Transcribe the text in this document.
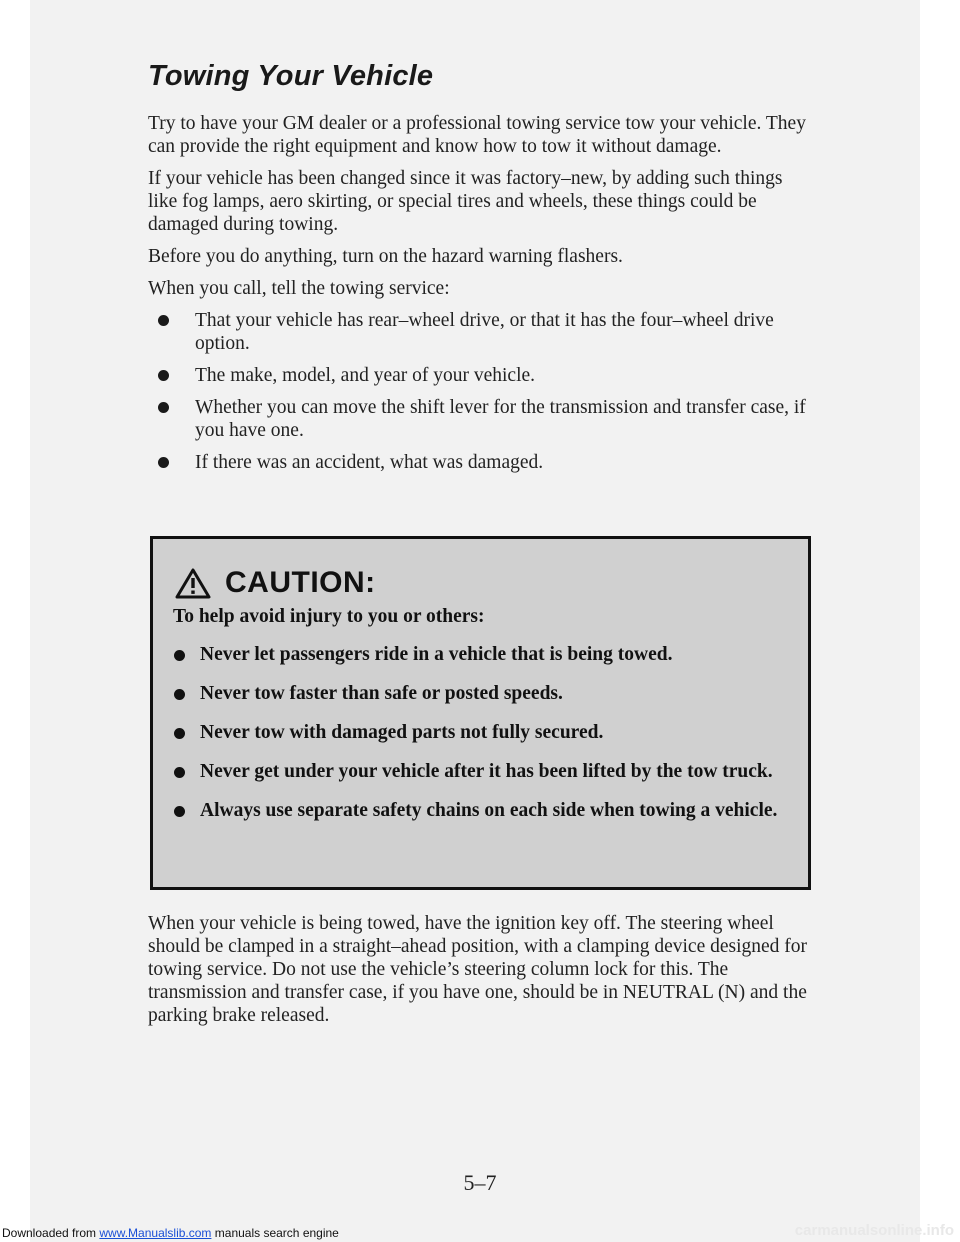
Towing Your Vehicle

Try to have your GM dealer or a professional towing service tow your vehicle. They can provide the right equipment and know how to tow it without damage.

If your vehicle has been changed since it was factory–new, by adding such things like fog lamps, aero skirting, or special tires and wheels, these things could be damaged during towing.

Before you do anything, turn on the hazard warning flashers.

When you call, tell the towing service:

That your vehicle has rear–wheel drive, or that it has the four–wheel drive option.
The make, model, and year of your vehicle.
Whether you can move the shift lever for the transmission and transfer case, if you have one.
If there was an accident, what was damaged.
CAUTION:

To help avoid injury to you or others:

Never let passengers ride in a vehicle that is being towed.
Never tow faster than safe or posted speeds.
Never tow with damaged parts not fully secured.
Never get under your vehicle after it has been lifted by the tow truck.
Always use separate safety chains on each side when towing a vehicle.

When your vehicle is being towed, have the ignition key off. The steering wheel should be clamped in a straight–ahead position, with a clamping device designed for towing service. Do not use the vehicle’s steering column lock for this. The transmission and transfer case, if you have one, should be in NEUTRAL (N) and the parking brake released.

5–7
Downloaded from www.Manualslib.com manuals search engine	carmanualsonline.info
